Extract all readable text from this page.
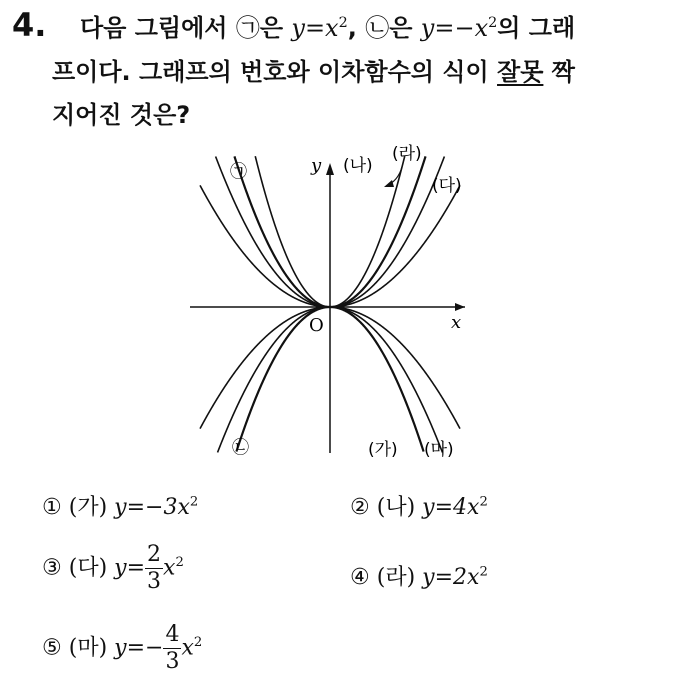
4. 다음 그림에서 ㉠은 $y=x^2$, ㉡은 $y=-x^2$의 그래
프이다. 그래프의 번호와 이차함수의 식이 잘못 짝
지어진 것은?
y
x
O
(나)
(라)
(다)
(가) (마)
㉠
㉡
① (가) $y=-3x^2$	② (나) $y=4x^2$
③ (다) $y= \frac{2}{3} x^2$
④ (라) $y=2x^2$
⑤ (마) $y=- \frac{4}{3} x^2$
